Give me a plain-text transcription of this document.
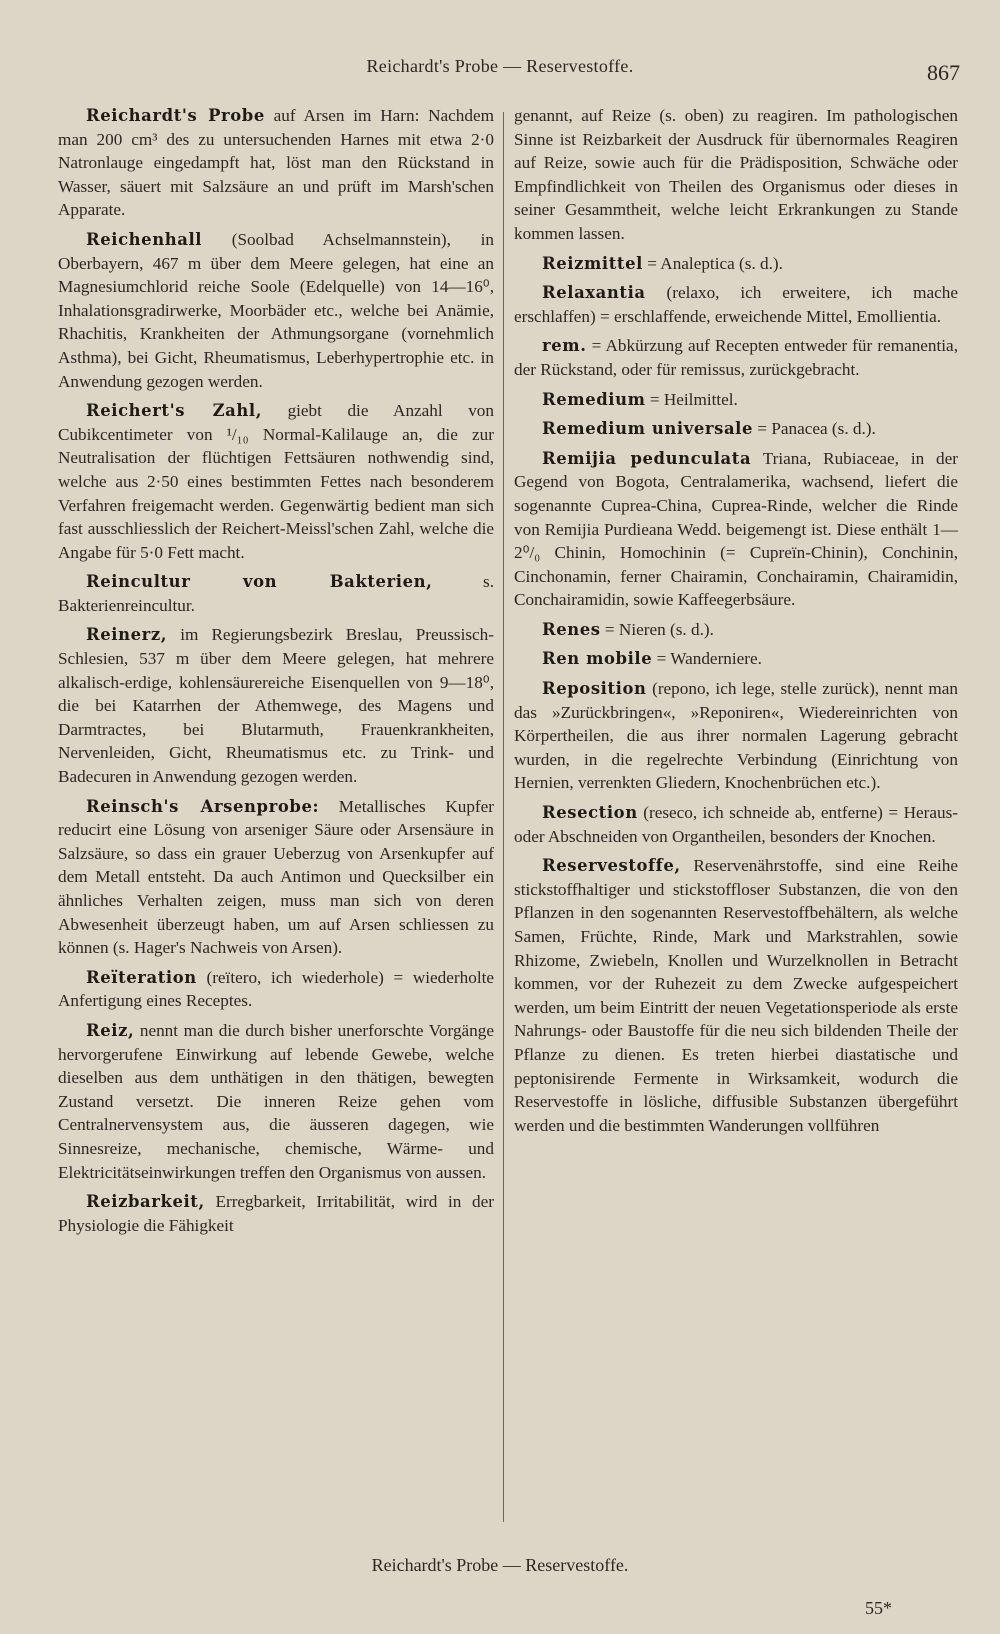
Reichardt's Probe — Reservestoffe.	867

Reichardt's Probe auf Arsen im Harn: Nachdem man 200 cm³ des zu untersuchenden Harnes mit etwa 2·0 Natronlauge eingedampft hat, löst man den Rückstand in Wasser, säuert mit Salzsäure an und prüft im Marsh'schen Apparate.

Reichenhall (Soolbad Achselmannstein), in Oberbayern, 467 m über dem Meere gelegen, hat eine an Magnesiumchlorid reiche Soole (Edelquelle) von 14—16⁰, Inhalationsgradirwerke, Moorbäder etc., welche bei Anämie, Rhachitis, Krankheiten der Athmungsorgane (vornehmlich Asthma), bei Gicht, Rheumatismus, Leberhypertrophie etc. in Anwendung gezogen werden.

Reichert's Zahl, giebt die Anzahl von Cubikcentimeter von ¹/₁₀ Normal-Kalilauge an, die zur Neutralisation der flüchtigen Fettsäuren nothwendig sind, welche aus 2·50 eines bestimmten Fettes nach besonderem Verfahren freigemacht werden. Gegenwärtig bedient man sich fast ausschliesslich der Reichert-Meissl'schen Zahl, welche die Angabe für 5·0 Fett macht.

Reincultur von Bakterien, s. Bakterienreincultur.

Reinerz, im Regierungsbezirk Breslau, Preussisch-Schlesien, 537 m über dem Meere gelegen, hat mehrere alkalisch-erdige, kohlensäurereiche Eisenquellen von 9—18⁰, die bei Katarrhen der Athemwege, des Magens und Darmtractes, bei Blutarmuth, Frauenkrankheiten, Nervenleiden, Gicht, Rheumatismus etc. zu Trink- und Badecuren in Anwendung gezogen werden.

Reinsch's Arsenprobe: Metallisches Kupfer reducirt eine Lösung von arseniger Säure oder Arsensäure in Salzsäure, so dass ein grauer Ueberzug von Arsenkupfer auf dem Metall entsteht. Da auch Antimon und Quecksilber ein ähnliches Verhalten zeigen, muss man sich von deren Abwesenheit überzeugt haben, um auf Arsen schliessen zu können (s. Hager's Nachweis von Arsen).

Reïteration (reïtero, ich wiederhole) = wiederholte Anfertigung eines Receptes.

Reiz, nennt man die durch bisher unerforschte Vorgänge hervorgerufene Einwirkung auf lebende Gewebe, welche dieselben aus dem unthätigen in den thätigen, bewegten Zustand versetzt. Die inneren Reize gehen vom Centralnervensystem aus, die äusseren dagegen, wie Sinnesreize, mechanische, chemische, Wärme- und Elektricitätseinwirkungen treffen den Organismus von aussen.

Reizbarkeit, Erregbarkeit, Irritabilität, wird in der Physiologie die Fähigkeit

genannt, auf Reize (s. oben) zu reagiren. Im pathologischen Sinne ist Reizbarkeit der Ausdruck für übernormales Reagiren auf Reize, sowie auch für die Prädisposition, Schwäche oder Empfindlichkeit von Theilen des Organismus oder dieses in seiner Gesammtheit, welche leicht Erkrankungen zu Stande kommen lassen.

Reizmittel = Analeptica (s. d.).

Relaxantia (relaxo, ich erweitere, ich mache erschlaffen) = erschlaffende, erweichende Mittel, Emollientia.

rem. = Abkürzung auf Recepten entweder für remanentia, der Rückstand, oder für remissus, zurückgebracht.

Remedium = Heilmittel.

Remedium universale = Panacea (s. d.).

Remijia pedunculata Triana, Rubiaceae, in der Gegend von Bogota, Centralamerika, wachsend, liefert die sogenannte Cuprea-China, Cuprea-Rinde, welcher die Rinde von Remijia Purdieana Wedd. beigemengt ist. Diese enthält 1—2⁰/₀ Chinin, Homochinin (= Cupreïn-Chinin), Conchinin, Cinchonamin, ferner Chairamin, Conchairamin, Chairamidin, Conchairamidin, sowie Kaffeegerbsäure.

Renes = Nieren (s. d.).

Ren mobile = Wanderniere.

Reposition (repono, ich lege, stelle zurück), nennt man das »Zurückbringen«, »Reponiren«, Wiedereinrichten von Körpertheilen, die aus ihrer normalen Lagerung gebracht wurden, in die regelrechte Verbindung (Einrichtung von Hernien, verrenkten Gliedern, Knochenbrüchen etc.).

Resection (reseco, ich schneide ab, entferne) = Heraus- oder Abschneiden von Organtheilen, besonders der Knochen.

Reservestoffe, Reservenährstoffe, sind eine Reihe stickstoffhaltiger und stickstoffloser Substanzen, die von den Pflanzen in den sogenannten Reservestoffbehältern, als welche Samen, Früchte, Rinde, Mark und Markstrahlen, sowie Rhizome, Zwiebeln, Knollen und Wurzelknollen in Betracht kommen, vor der Ruhezeit zu dem Zwecke aufgespeichert werden, um beim Eintritt der neuen Vegetationsperiode als erste Nahrungs- oder Baustoffe für die neu sich bildenden Theile der Pflanze zu dienen. Es treten hierbei diastatische und peptonisirende Fermente in Wirksamkeit, wodurch die Reservestoffe in lösliche, diffusible Substanzen übergeführt werden und die bestimmten Wanderungen vollführen

Reichardt's Probe — Reservestoffe.
55*
